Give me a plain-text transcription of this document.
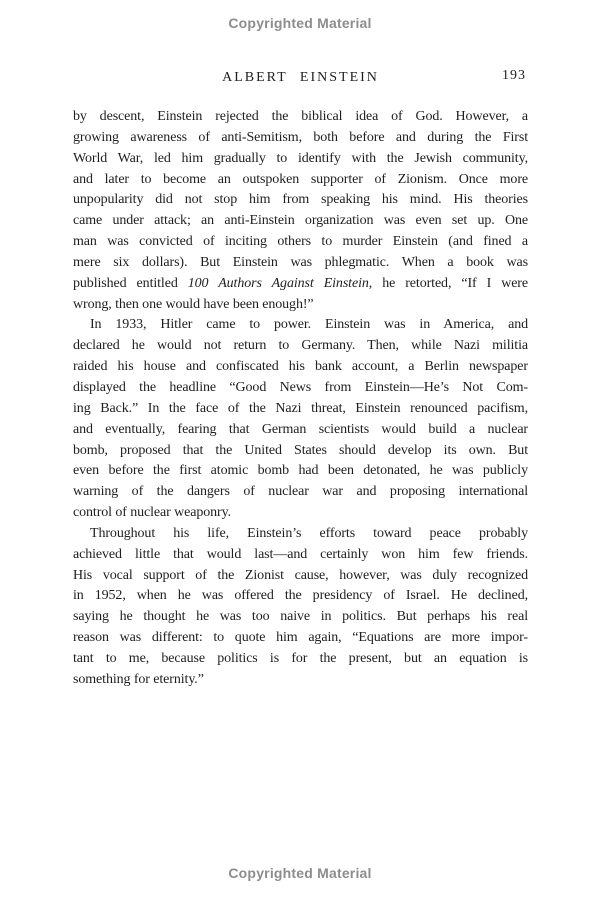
Copyrighted Material
ALBERT EINSTEIN	193
by descent, Einstein rejected the biblical idea of God. However, a
growing awareness of anti-Semitism, both before and during the First
World War, led him gradually to identify with the Jewish community,
and later to become an outspoken supporter of Zionism. Once more
unpopularity did not stop him from speaking his mind. His theories
came under attack; an anti-Einstein organization was even set up. One
man was convicted of inciting others to murder Einstein (and fined a
mere six dollars). But Einstein was phlegmatic. When a book was
published entitled 100 Authors Against Einstein, he retorted, “If I were
wrong, then one would have been enough!”
In 1933, Hitler came to power. Einstein was in America, and
declared he would not return to Germany. Then, while Nazi militia
raided his house and confiscated his bank account, a Berlin newspaper
displayed the headline “Good News from Einstein—He’s Not Com-
ing Back.” In the face of the Nazi threat, Einstein renounced pacifism,
and eventually, fearing that German scientists would build a nuclear
bomb, proposed that the United States should develop its own. But
even before the first atomic bomb had been detonated, he was publicly
warning of the dangers of nuclear war and proposing international
control of nuclear weaponry.
Throughout his life, Einstein’s efforts toward peace probably
achieved little that would last—and certainly won him few friends.
His vocal support of the Zionist cause, however, was duly recognized
in 1952, when he was offered the presidency of Israel. He declined,
saying he thought he was too naive in politics. But perhaps his real
reason was different: to quote him again, “Equations are more impor-
tant to me, because politics is for the present, but an equation is
something for eternity.”
Copyrighted Material
